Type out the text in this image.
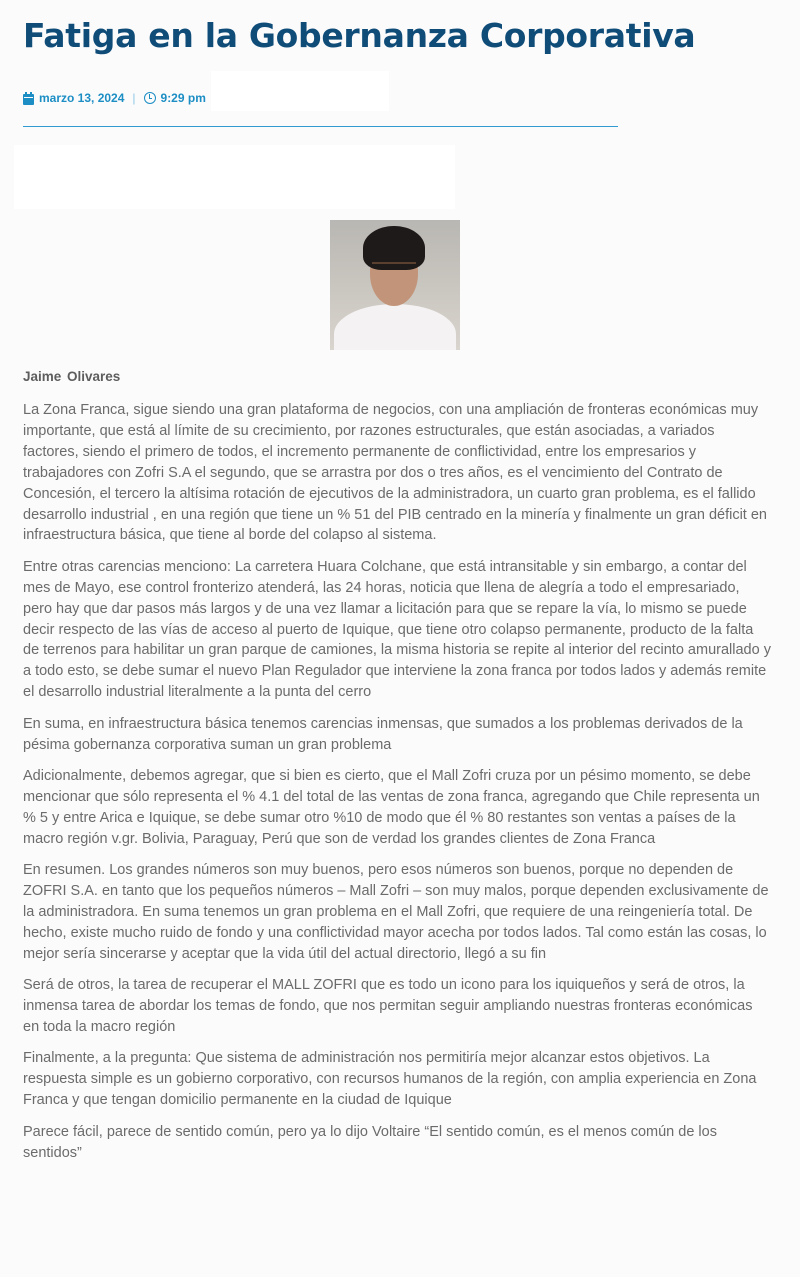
Fatiga en la Gobernanza Corporativa
marzo 13, 2024 | 9:29 pm
Jaime Olivares

La Zona Franca, sigue siendo una gran plataforma de negocios, con una ampliación de fronteras económicas muy importante, que está al límite de su crecimiento, por razones estructurales, que están asociadas, a variados factores, siendo el primero de todos, el incremento permanente de conflictividad, entre los empresarios y trabajadores con Zofri S.A el segundo, que se arrastra por dos o tres años, es el vencimiento del Contrato de Concesión, el tercero la altísima rotación de ejecutivos de la administradora, un cuarto gran problema, es el fallido desarrollo industrial , en una región que tiene un % 51 del PIB centrado en la minería y finalmente un gran déficit en infraestructura básica, que tiene al borde del colapso al sistema.

Entre otras carencias menciono: La carretera Huara Colchane, que está intransitable y sin embargo, a contar del mes de Mayo, ese control fronterizo atenderá, las 24 horas, noticia que llena de alegría a todo el empresariado, pero hay que dar pasos más largos y de una vez llamar a licitación para que se repare la vía, lo mismo se puede decir respecto de las vías de acceso al puerto de Iquique, que tiene otro colapso permanente, producto de la falta de terrenos para habilitar un gran parque de camiones, la misma historia se repite al interior del recinto amurallado y a todo esto, se debe sumar el nuevo Plan Regulador que interviene la zona franca por todos lados y además remite el desarrollo industrial literalmente a la punta del cerro

En suma, en infraestructura básica tenemos carencias inmensas, que sumados a los problemas derivados de la pésima gobernanza corporativa suman un gran problema

Adicionalmente, debemos agregar, que si bien es cierto, que el Mall Zofri cruza por un pésimo momento, se debe mencionar que sólo representa el % 4.1 del total de las ventas de zona franca, agregando que Chile representa un % 5 y entre Arica e Iquique, se debe sumar otro %10 de modo que él % 80 restantes son ventas a países de la macro región v.gr. Bolivia, Paraguay, Perú que son de verdad los grandes clientes de Zona Franca

En resumen. Los grandes números son muy buenos, pero esos números son buenos, porque no dependen de ZOFRI S.A. en tanto que los pequeños números – Mall Zofri – son muy malos, porque dependen exclusivamente de la administradora. En suma tenemos un gran problema en el Mall Zofri, que requiere de una reingeniería total. De hecho, existe mucho ruido de fondo y una conflictividad mayor acecha por todos lados. Tal como están las cosas, lo mejor sería sincerarse y aceptar que la vida útil del actual directorio, llegó a su fin

Será de otros, la tarea de recuperar el MALL ZOFRI que es todo un icono para los iquiqueños y será de otros, la inmensa tarea de abordar los temas de fondo, que nos permitan seguir ampliando nuestras fronteras económicas en toda la macro región

Finalmente, a la pregunta: Que sistema de administración nos permitiría mejor alcanzar estos objetivos. La respuesta simple es un gobierno corporativo, con recursos humanos de la región, con amplia experiencia en Zona Franca y que tengan domicilio permanente en la ciudad de Iquique

Parece fácil, parece de sentido común, pero ya lo dijo Voltaire “El sentido común, es el menos común de los sentidos”
